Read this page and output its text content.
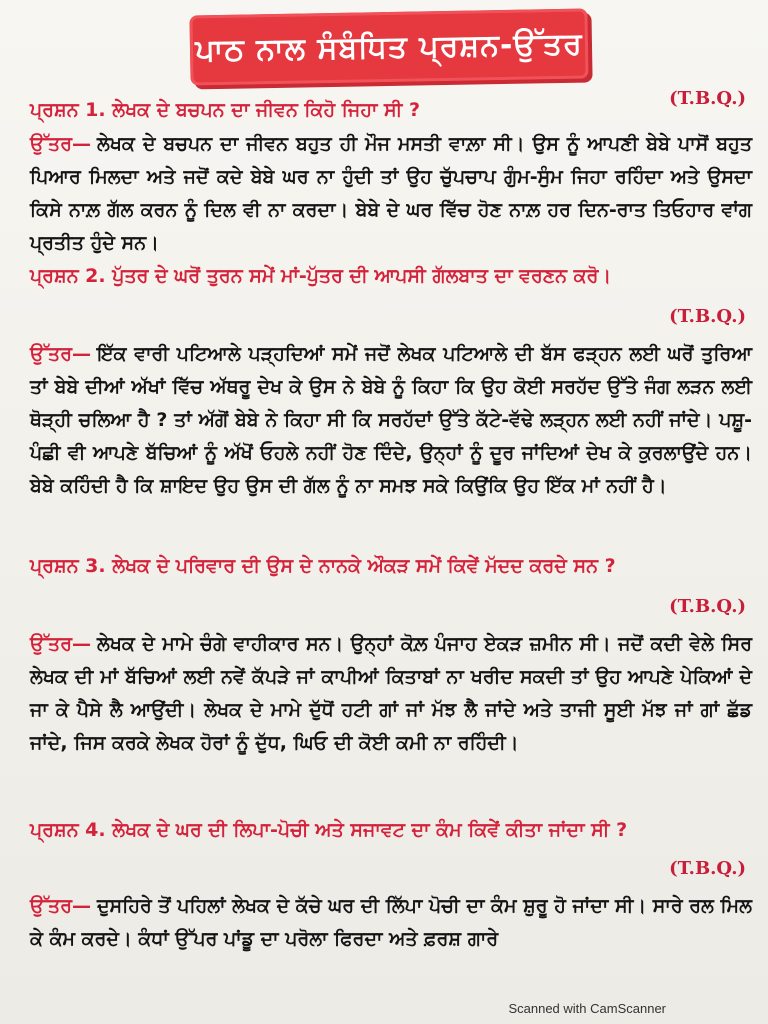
ਪਾਠ ਨਾਲ ਸੰਬੰਧਿਤ ਪ੍ਰਸ਼ਨ-ਉੱਤਰ
ਪ੍ਰਸ਼ਨ 1. ਲੇਖਕ ਦੇ ਬਚਪਨ ਦਾ ਜੀਵਨ ਕਿਹੋ ਜਿਹਾ ਸੀ ?
(T.B.Q.)
ਉੱਤਰ— ਲੇਖਕ ਦੇ ਬਚਪਨ ਦਾ ਜੀਵਨ ਬਹੁਤ ਹੀ ਮੌਜ ਮਸਤੀ ਵਾਲ਼ਾ ਸੀ। ਉਸ ਨੂੰ ਆਪਣੀ ਬੇਬੇ ਪਾਸੋਂ ਬਹੁਤ ਪਿਆਰ ਮਿਲਦਾ ਅਤੇ ਜਦੋਂ ਕਦੇ ਬੇਬੇ ਘਰ ਨਾ ਹੁੰਦੀ ਤਾਂ ਉਹ ਚੁੱਪਚਾਪ ਗੁੰਮ-ਸੁੰਮ ਜਿਹਾ ਰਹਿੰਦਾ ਅਤੇ ਉਸਦਾ ਕਿਸੇ ਨਾਲ਼ ਗੱਲ ਕਰਨ ਨੂੰ ਦਿਲ ਵੀ ਨਾ ਕਰਦਾ। ਬੇਬੇ ਦੇ ਘਰ ਵਿੱਚ ਹੋਣ ਨਾਲ਼ ਹਰ ਦਿਨ-ਰਾਤ ਤਿਓਹਾਰ ਵਾਂਗ ਪ੍ਰਤੀਤ ਹੁੰਦੇ ਸਨ।
ਪ੍ਰਸ਼ਨ 2. ਪੁੱਤਰ ਦੇ ਘਰੋਂ ਤੁਰਨ ਸਮੇਂ ਮਾਂ-ਪੁੱਤਰ ਦੀ ਆਪਸੀ ਗੱਲਬਾਤ ਦਾ ਵਰਣਨ ਕਰੋ।
(T.B.Q.)
ਉੱਤਰ— ਇੱਕ ਵਾਰੀ ਪਟਿਆਲੇ ਪੜ੍ਹਦਿਆਂ ਸਮੇਂ ਜਦੋਂ ਲੇਖਕ ਪਟਿਆਲੇ ਦੀ ਬੱਸ ਫੜ੍ਹਨ ਲਈ ਘਰੋਂ ਤੁਰਿਆ ਤਾਂ ਬੇਬੇ ਦੀਆਂ ਅੱਖਾਂ ਵਿੱਚ ਅੱਥਰੂ ਦੇਖ ਕੇ ਉਸ ਨੇ ਬੇਬੇ ਨੂੰ ਕਿਹਾ ਕਿ ਉਹ ਕੋਈ ਸਰਹੱਦ ਉੱਤੇ ਜੰਗ ਲੜਨ ਲਈ ਥੋੜ੍ਹੀ ਚਲਿਆ ਹੈ ? ਤਾਂ ਅੱਗੋਂ ਬੇਬੇ ਨੇ ਕਿਹਾ ਸੀ ਕਿ ਸਰਹੱਦਾਂ ਉੱਤੇ ਕੱਟੇ-ਵੱਢੇ ਲੜ੍ਹਨ ਲਈ ਨਹੀਂ ਜਾਂਦੇ। ਪਸ਼ੂ-ਪੰਛੀ ਵੀ ਆਪਣੇ ਬੱਚਿਆਂ ਨੂੰ ਅੱਖੋਂ ਓਹਲੇ ਨਹੀਂ ਹੋਣ ਦਿੰਦੇ, ਉਨ੍ਹਾਂ ਨੂੰ ਦੂਰ ਜਾਂਦਿਆਂ ਦੇਖ ਕੇ ਕੁਰਲਾਉਂਦੇ ਹਨ। ਬੇਬੇ ਕਹਿੰਦੀ ਹੈ ਕਿ ਸ਼ਾਇਦ ਉਹ ਉਸ ਦੀ ਗੱਲ ਨੂੰ ਨਾ ਸਮਝ ਸਕੇ ਕਿਉਂਕਿ ਉਹ ਇੱਕ ਮਾਂ ਨਹੀਂ ਹੈ।
ਪ੍ਰਸ਼ਨ 3. ਲੇਖਕ ਦੇ ਪਰਿਵਾਰ ਦੀ ਉਸ ਦੇ ਨਾਨਕੇ ਔਕੜ ਸਮੇਂ ਕਿਵੇਂ ਮੱਦਦ ਕਰਦੇ ਸਨ ?
(T.B.Q.)
ਉੱਤਰ— ਲੇਖਕ ਦੇ ਮਾਮੇ ਚੰਗੇ ਵਾਹੀਕਾਰ ਸਨ। ਉਨ੍ਹਾਂ ਕੋਲ਼ ਪੰਜਾਹ ਏਕੜ ਜ਼ਮੀਨ ਸੀ। ਜਦੋਂ ਕਦੀ ਵੇਲੇ ਸਿਰ ਲੇਖਕ ਦੀ ਮਾਂ ਬੱਚਿਆਂ ਲਈ ਨਵੇਂ ਕੱਪੜੇ ਜਾਂ ਕਾਪੀਆਂ ਕਿਤਾਬਾਂ ਨਾ ਖਰੀਦ ਸਕਦੀ ਤਾਂ ਉਹ ਆਪਣੇ ਪੇਕਿਆਂ ਦੇ ਜਾ ਕੇ ਪੈਸੇ ਲੈ ਆਉਂਦੀ। ਲੇਖਕ ਦੇ ਮਾਮੇ ਦੁੱਧੋਂ ਹਟੀ ਗਾਂ ਜਾਂ ਮੱਝ ਲੈ ਜਾਂਦੇ ਅਤੇ ਤਾਜੀ ਸੂਈ ਮੱਝ ਜਾਂ ਗਾਂ ਛੱਡ ਜਾਂਦੇ, ਜਿਸ ਕਰਕੇ ਲੇਖਕ ਹੋਰਾਂ ਨੂੰ ਦੁੱਧ, ਘਿਓ ਦੀ ਕੋਈ ਕਮੀ ਨਾ ਰਹਿੰਦੀ।
ਪ੍ਰਸ਼ਨ 4. ਲੇਖਕ ਦੇ ਘਰ ਦੀ ਲਿਪਾ-ਪੋਚੀ ਅਤੇ ਸਜਾਵਟ ਦਾ ਕੰਮ ਕਿਵੇਂ ਕੀਤਾ ਜਾਂਦਾ ਸੀ ?
(T.B.Q.)
ਉੱਤਰ— ਦੁਸਹਿਰੇ ਤੋਂ ਪਹਿਲਾਂ ਲੇਖਕ ਦੇ ਕੱਚੇ ਘਰ ਦੀ ਲਿੱਪਾ ਪੋਚੀ ਦਾ ਕੰਮ ਸ਼ੁਰੂ ਹੋ ਜਾਂਦਾ ਸੀ। ਸਾਰੇ ਰਲ ਮਿਲ ਕੇ ਕੰਮ ਕਰਦੇ। ਕੰਧਾਂ ਉੱਪਰ ਪਾਂਡੂ ਦਾ ਪਰੋਲਾ ਫਿਰਦਾ ਅਤੇ ਫ਼ਰਸ਼ ਗਾਰੇ
Scanned with CamScanner
